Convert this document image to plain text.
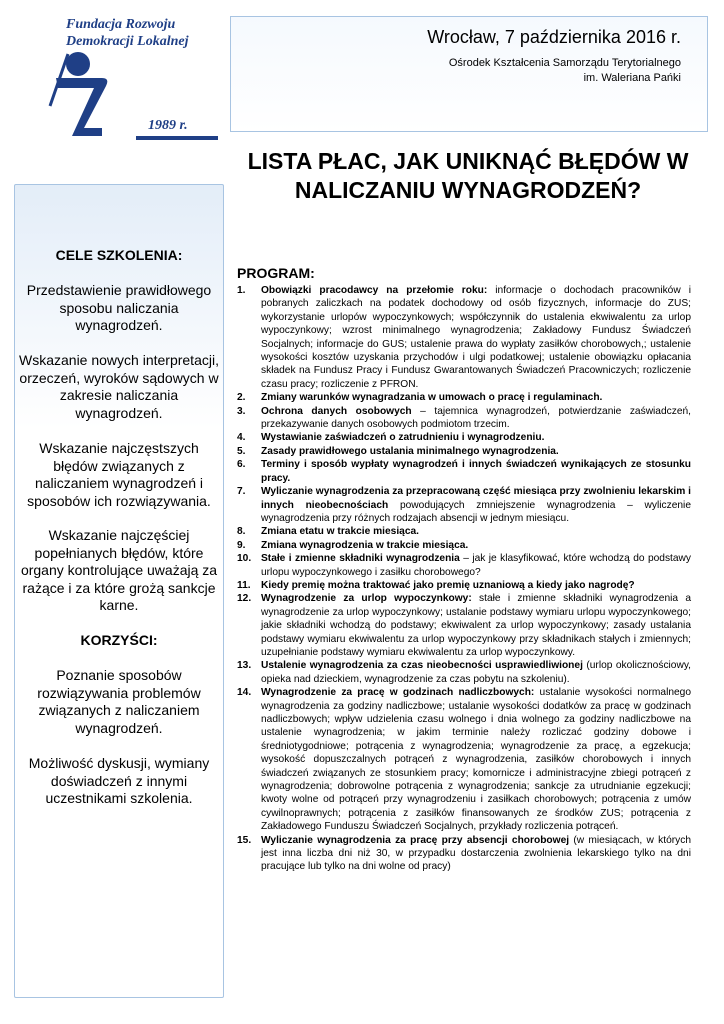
Fundacja Rozwoju
Demokracji Lokalnej
1989 r.
Wrocław, 7 października 2016 r.
Ośrodek Kształcenia Samorządu Terytorialnego
im. Waleriana Pańki
LISTA PŁAC, JAK UNIKNĄĆ BŁĘDÓW W NALICZANIU WYNAGRODZEŃ?
CELE SZKOLENIA:
Przedstawienie prawidłowego sposobu naliczania wynagrodzeń.
Wskazanie nowych interpretacji, orzeczeń, wyroków sądowych w zakresie naliczania wynagrodzeń.
Wskazanie najczęstszych błędów związanych z naliczaniem wynagrodzeń i sposobów ich rozwiązywania.
Wskazanie najczęściej popełnianych błędów, które organy kontrolujące uważają za rażące i za które grożą sankcje karne.
KORZYŚCI:
Poznanie sposobów rozwiązywania problemów związanych z naliczaniem wynagrodzeń.
Możliwość dyskusji, wymiany doświadczeń z innymi uczestnikami szkolenia.
PROGRAM:
1.	Obowiązki pracodawcy na przełomie roku: informacje o dochodach pracowników i pobranych zaliczkach na podatek dochodowy od osób fizycznych, informacje do ZUS; wykorzystanie urlopów wypoczynkowych; współczynnik do ustalenia ekwiwalentu za urlop wypoczynkowy; wzrost minimalnego wynagrodzenia; Zakładowy Fundusz Świadczeń Socjalnych; informacje do GUS; ustalenie prawa do wypłaty zasiłków chorobowych,; ustalenie wysokości kosztów uzyskania przychodów i ulgi podatkowej; ustalenie obowiązku opłacania składek na Fundusz Pracy i Fundusz Gwarantowanych Świadczeń Pracowniczych; rozliczenie czasu pracy; rozliczenie z PFRON.
2.	Zmiany warunków wynagradzania w umowach o pracę i regulaminach.
3.	Ochrona danych osobowych – tajemnica wynagrodzeń, potwierdzanie zaświadczeń, przekazywanie danych osobowych podmiotom trzecim.
4.	Wystawianie zaświadczeń o zatrudnieniu i wynagrodzeniu.
5.	Zasady prawidłowego ustalania minimalnego wynagrodzenia.
6.	Terminy i sposób wypłaty wynagrodzeń i innych świadczeń wynikających ze stosunku pracy.
7.	Wyliczanie wynagrodzenia za przepracowaną część miesiąca przy zwolnieniu lekarskim i innych nieobecnościach powodujących zmniejszenie wynagrodzenia – wyliczenie wynagrodzenia przy różnych rodzajach absencji w jednym miesiącu.
8.	Zmiana etatu w trakcie miesiąca.
9.	Zmiana wynagrodzenia w trakcie miesiąca.
10. Stałe i zmienne składniki wynagrodzenia – jak je klasyfikować, które wchodzą do podstawy urlopu wypoczynkowego i zasiłku chorobowego?
11.	Kiedy premię można traktować jako premię uznaniową a kiedy jako nagrodę?
12. Wynagrodzenie za urlop wypoczynkowy: stałe i zmienne składniki wynagrodzenia a wynagrodzenie za urlop wypoczynkowy; ustalanie podstawy wymiaru urlopu wypoczynkowego; jakie składniki wchodzą do podstawy; ekwiwalent za urlop wypoczynkowy; zasady ustalania podstawy wymiaru ekwiwalentu za urlop wypoczynkowy przy składnikach stałych i zmiennych; uzupełnianie podstawy wymiaru ekwiwalentu za urlop wypoczynkowy.
13. Ustalenie wynagrodzenia za czas nieobecności usprawiedliwionej (urlop okolicznościowy, opieka nad dzieckiem, wynagrodzenie za czas pobytu na szkoleniu).
14. Wynagrodzenie za pracę w godzinach nadliczbowych: ustalanie wysokości normalnego wynagrodzenia za godziny nadliczbowe; ustalanie wysokości dodatków za pracę w godzinach nadliczbowych; wpływ udzielenia czasu wolnego i dnia wolnego za godziny nadliczbowe na ustalenie wynagrodzenia; w jakim terminie należy rozliczać godziny dobowe i średniotygodniowe; potrącenia z wynagrodzenia; wynagrodzenie za pracę, a egzekucja; wysokość dopuszczalnych potrąceń z wynagrodzenia, zasiłków chorobowych i innych świadczeń związanych ze stosunkiem pracy; komornicze i administracyjne zbiegi potrąceń z wynagrodzenia; dobrowolne potrącenia z wynagrodzenia; sankcje za utrudnianie egzekucji; kwoty wolne od potrąceń przy wynagrodzeniu i zasiłkach chorobowych; potrącenia z umów cywilnoprawnych; potrącenia z zasiłków finansowanych ze środków ZUS; potrącenia z Zakładowego Funduszu Świadczeń Socjalnych, przykłady rozliczenia potrąceń.
15. Wyliczanie wynagrodzenia za pracę przy absencji chorobowej (w miesiącach, w których jest inna liczba dni niż 30, w przypadku dostarczenia zwolnienia lekarskiego tylko na dni pracujące lub tylko na dni wolne od pracy)
